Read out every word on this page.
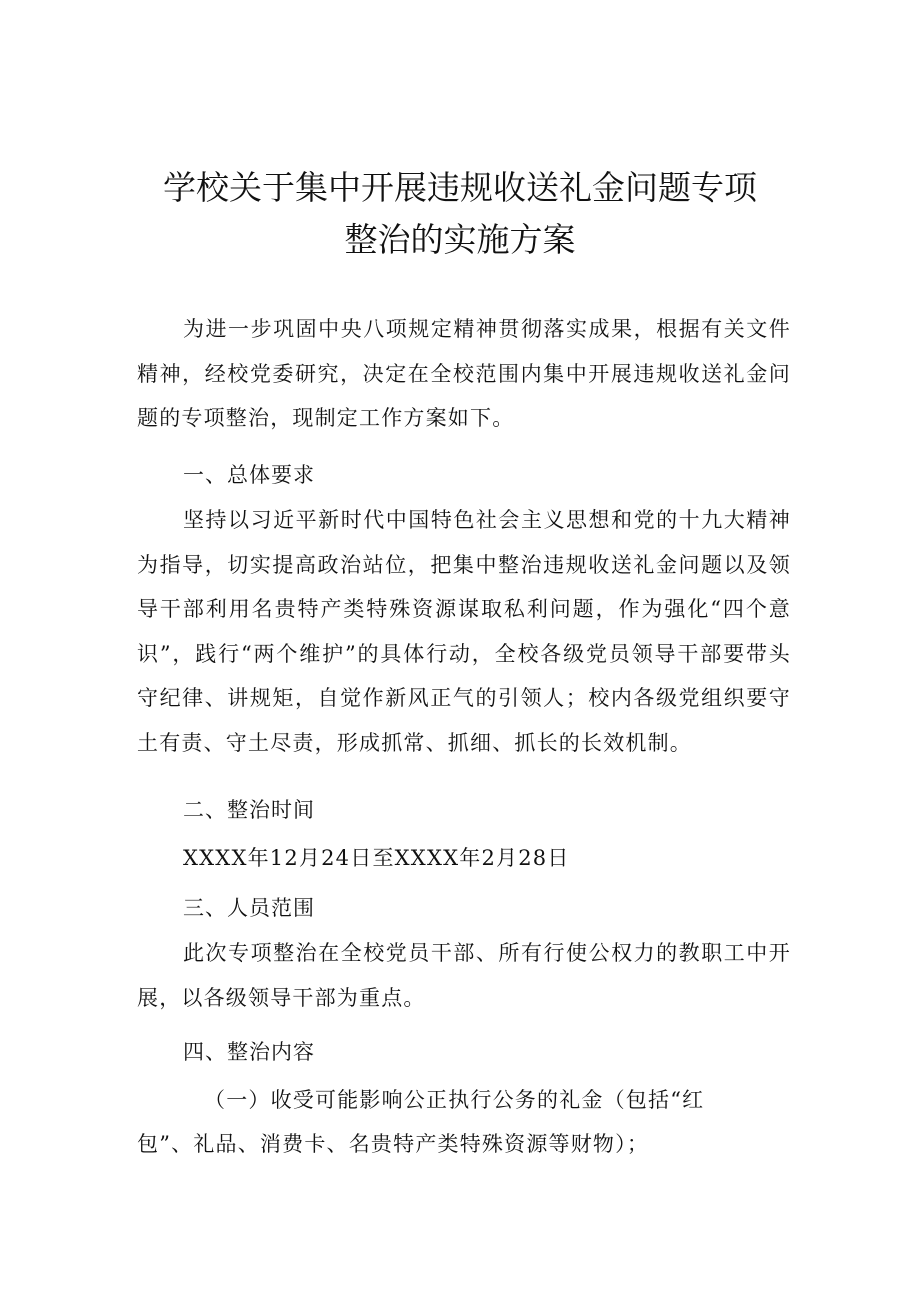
学校关于集中开展违规收送礼金问题专项
整治的实施方案

为进一步巩固中央八项规定精神贯彻落实成果，根据有关文件精神，经校党委研究，决定在全校范围内集中开展违规收送礼金问题的专项整治，现制定工作方案如下。

一、总体要求

坚持以习近平新时代中国特色社会主义思想和党的十九大精神为指导，切实提高政治站位，把集中整治违规收送礼金问题以及领导干部利用名贵特产类特殊资源谋取私利问题，作为强化“四个意识”，践行“两个维护”的具体行动，全校各级党员领导干部要带头守纪律、讲规矩，自觉作新风正气的引领人；校内各级党组织要守土有责、守土尽责，形成抓常、抓细、抓长的长效机制。

二、整治时间
XXXX年12月24日至XXXX年2月28日
三、人员范围

此次专项整治在全校党员干部、所有行使公权力的教职工中开展，以各级领导干部为重点。

四、整治内容
（一）收受可能影响公正执行公务的礼金（包括“红
包”、礼品、消费卡、名贵特产类特殊资源等财物）；
